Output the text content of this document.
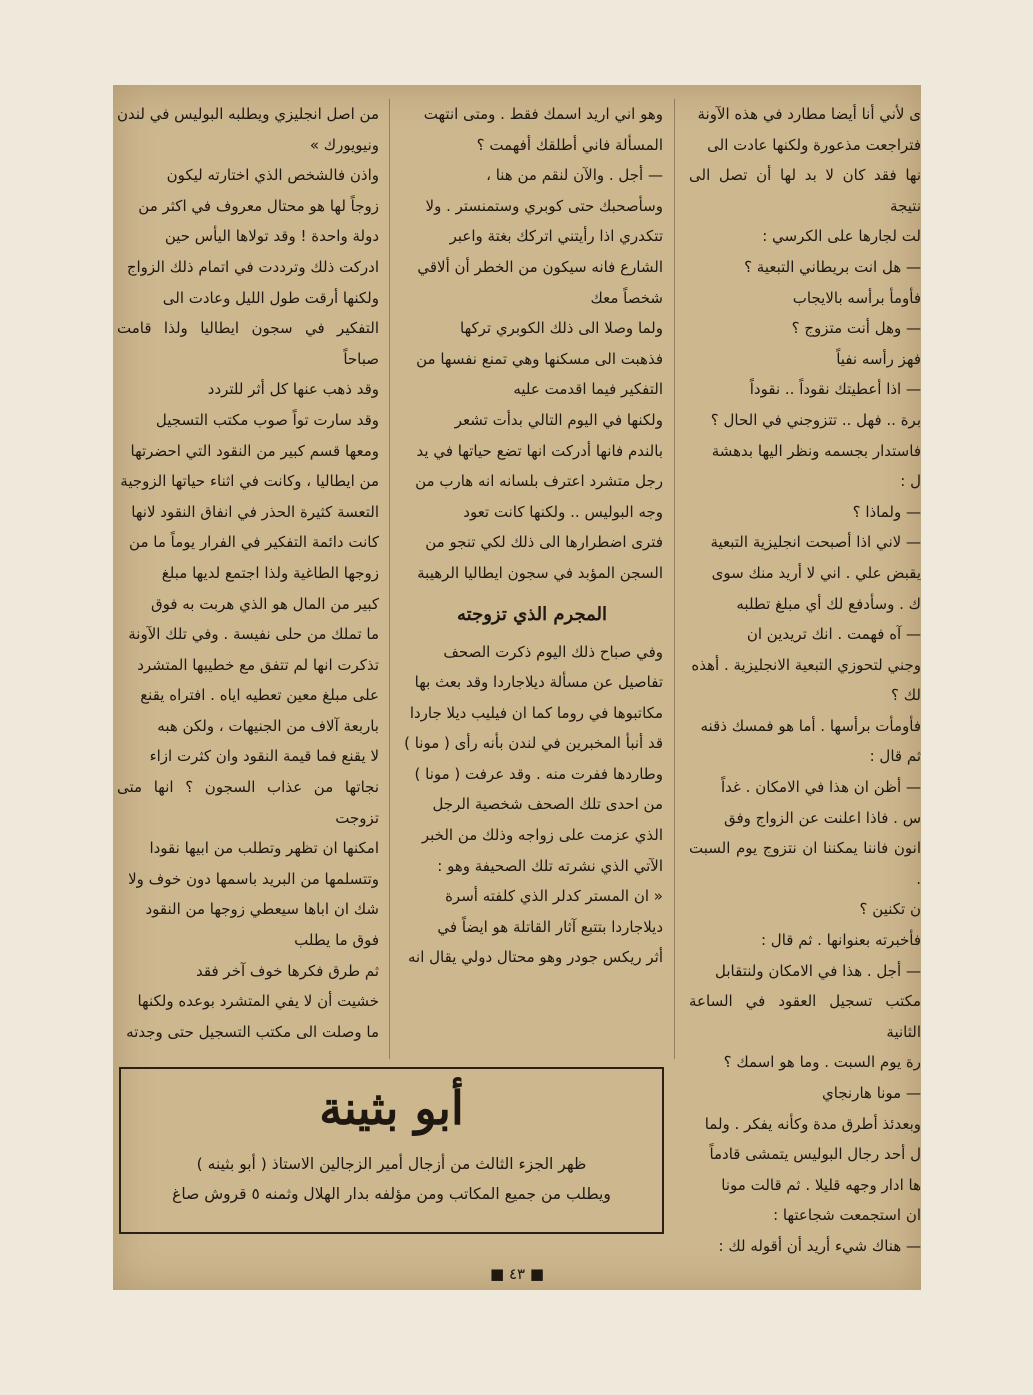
ى لأني أنا أيضا مطارد في هذه الآونة

فتراجعت مذعورة ولكنها عادت الى

نها فقد كان لا بد لها أن تصل الى نتيجة

لت لجارها على الكرسي :

— هل انت بريطاني التبعية ؟

فأومأ برأسه بالايجاب

— وهل أنت متزوج ؟

فهز رأسه نفياً

— اذا أعطيتك نقوداً .. نقوداً

برة .. فهل .. تتزوجني في الحال ؟

فاستدار بجسمه ونظر اليها بدهشة

ل :

— ولماذا ؟

— لاني اذا أصبحت انجليزية التبعية

يقبض علي . اني لا أريد منك سوى

ك . وسأدفع لك أي مبلغ تطلبه

— آه فهمت . انك تريدين ان

وجني لتحوزي التبعية الانجليزية . أهذه

لك ؟

فأومأت برأسها . أما هو فمسك ذقنه

ثم قال :

— أظن ان هذا في الامكان . غداً

س . فاذا اعلنت عن الزواج وفق

انون فاننا يمكننا ان نتزوج يوم السبت .

ن تكنين ؟

فأخبرته بعنوانها . ثم قال :

— أجل . هذا في الامكان ولنتقابل

مكتب تسجيل العقود في الساعة الثانية

رة يوم السبت . وما هو اسمك ؟

— مونا هارنجاي

وبعدئذ أطرق مدة وكأنه يفكر . ولما

ل أحد رجال البوليس يتمشى قادماً

ها ادار وجهه قليلا . ثم قالت مونا

ان استجمعت شجاعتها :

— هناك شيء أريد أن أقوله لك :

وهو اني اريد اسمك فقط . ومتى انتهت

المسألة فاني أطلقك أفهمت ؟

— أجل . والآن لنقم من هنا ،

وسأصحبك حتى كوبري وستمنستر . ولا

تتكدري اذا رأيتني اتركك بغتة واعبر

الشارع فانه سيكون من الخطر أن ألاقي

شخصاً معك

ولما وصلا الى ذلك الكوبري تركها

فذهبت الى مسكنها وهي تمنع نفسها من

التفكير فيما اقدمت عليه

ولكنها في اليوم التالي بدأت تشعر

بالندم فانها أدركت انها تضع حياتها في يد

رجل متشرد اعترف بلسانه انه هارب من

وجه البوليس .. ولكنها كانت تعود

فترى اضطرارها الى ذلك لكي تنجو من

السجن المؤبد في سجون ايطاليا الرهيبة

المجرم الذي تزوجته

وفي صباح ذلك اليوم ذكرت الصحف

تفاصيل عن مسألة ديلاجاردا وقد بعث بها

مكاتبوها في روما كما ان فيليب ديلا جاردا

قد أنبأ المخبرين في لندن بأنه رأى ( مونا )

وطاردها ففرت منه . وقد عرفت ( مونا )

من احدى تلك الصحف شخصية الرجل

الذي عزمت على زواجه وذلك من الخبر

الآتي الذي نشرته تلك الصحيفة وهو :

« ان المستر كدلر الذي كلفته أسرة

ديلاجاردا بتتبع آثار القاتلة هو ايضاً في

أثر ريكس جودر وهو محتال دولي يقال انه

من اصل انجليزي ويطلبه البوليس في لندن

ونيويورك »

واذن فالشخص الذي اختارته ليكون

زوجاً لها هو محتال معروف في اكثر من

دولة واحدة ! وقد تولاها اليأس حين

ادركت ذلك وترددت في اتمام ذلك الزواج

ولكنها أرقت طول الليل وعادت الى

التفكير في سجون ايطاليا ولذا قامت صباحاً

وقد ذهب عنها كل أثر للتردد

وقد سارت تواً صوب مكتب التسجيل

ومعها قسم كبير من النقود التي احضرتها

من ايطاليا ، وكانت في اثناء حياتها الزوجية

التعسة كثيرة الحذر في انفاق النقود لانها

كانت دائمة التفكير في الفرار يوماً ما من

زوجها الطاغية ولذا اجتمع لديها مبلغ

كبير من المال هو الذي هربت به فوق

ما تملك من حلى نفيسة . وفي تلك الآونة

تذكرت انها لم تتفق مع خطيبها المتشرد

على مبلغ معين تعطيه اياه . افتراه يقنع

باربعة آلاف من الجنيهات ، ولكن هبه

لا يقنع فما قيمة النقود وان كثرت ازاء

نجاتها من عذاب السجون ؟ انها متى تزوجت

امكنها ان تظهر وتطلب من ابيها نقودا

وتتسلمها من البريد باسمها دون خوف ولا

شك ان اباها سيعطي زوجها من النقود

فوق ما يطلب

ثم طرق فكرها خوف آخر فقد

خشيت أن لا يفي المتشرد بوعده ولكنها

ما وصلت الى مكتب التسجيل حتى وجدته

أبو بثينة
ظهر الجزء الثالث من أزجال أمير الزجالين الاستاذ ( أبو بثينه )
ويطلب من جميع المكاتب ومن مؤلفه بدار الهلال وثمنه ٥ قروش صاغ
■ ٤٣ ■
